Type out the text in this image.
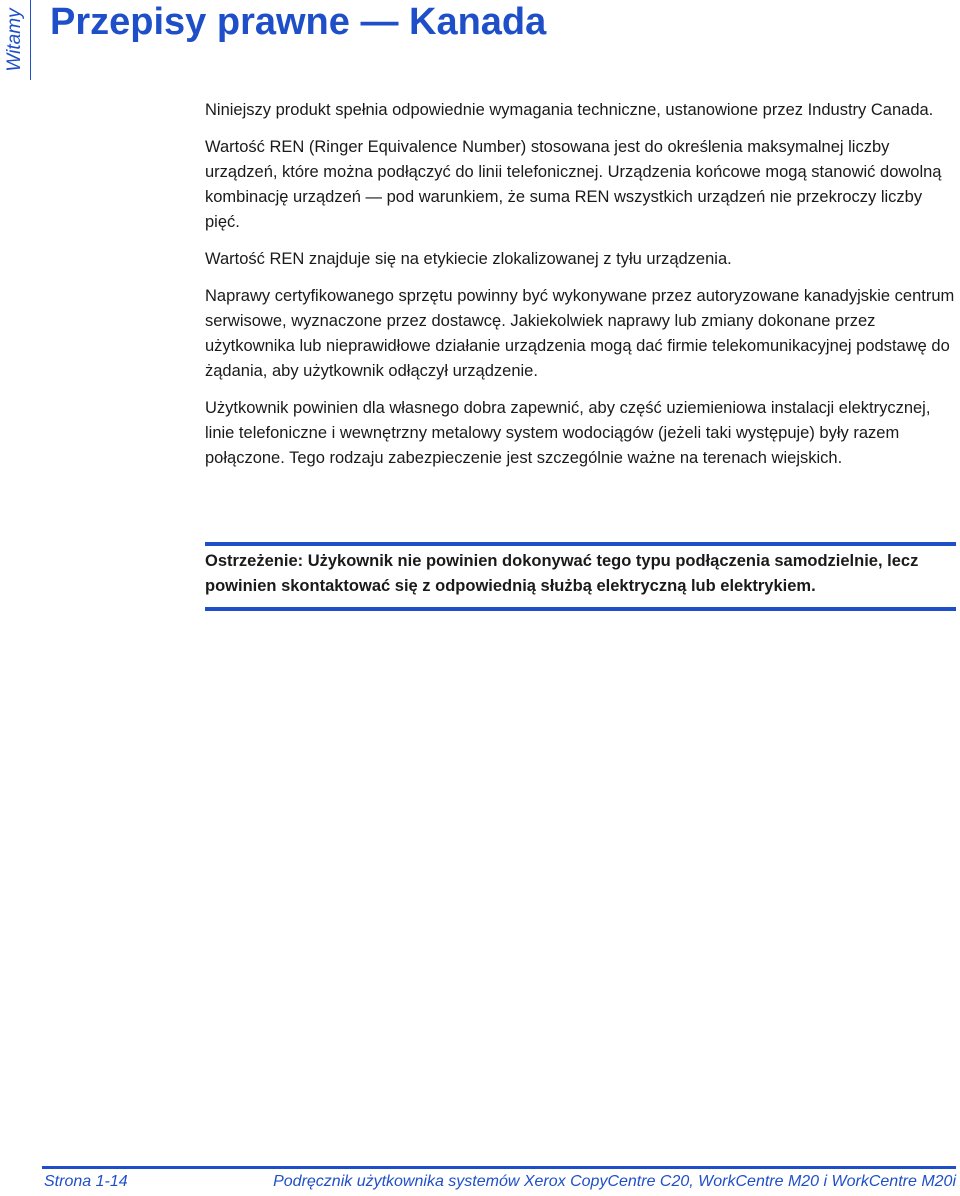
Witamy Przepisy prawne — Kanada

Niniejszy produkt spełnia odpowiednie wymagania techniczne, ustanowione przez Industry Canada.

Wartość REN (Ringer Equivalence Number) stosowana jest do określenia maksymalnej liczby urządzeń, które można podłączyć do linii telefonicznej. Urządzenia końcowe mogą stanowić dowolną kombinację urządzeń — pod warunkiem, że suma REN wszystkich urządzeń nie przekroczy liczby pięć.

Wartość REN znajduje się na etykiecie zlokalizowanej z tyłu urządzenia.

Naprawy certyfikowanego sprzętu powinny być wykonywane przez autoryzowane kanadyjskie centrum serwisowe, wyznaczone przez dostawcę. Jakiekolwiek naprawy lub zmiany dokonane przez użytkownika lub nieprawidłowe działanie urządzenia mogą dać firmie telekomunikacyjnej podstawę do żądania, aby użytkownik odłączył urządzenie.

Użytkownik powinien dla własnego dobra zapewnić, aby część uziemieniowa instalacji elektrycznej, linie telefoniczne i wewnętrzny metalowy system wodociągów (jeżeli taki występuje) były razem połączone. Tego rodzaju zabezpieczenie jest szczególnie ważne na terenach wiejskich.

Ostrzeżenie: Użykownik nie powinien dokonywać tego typu podłączenia samodzielnie, lecz powinien skontaktować się z odpowiednią służbą elektryczną lub elektrykiem.
Strona 1-14	Podręcznik użytkownika systemów Xerox CopyCentre C20, WorkCentre M20 i WorkCentre M20i
